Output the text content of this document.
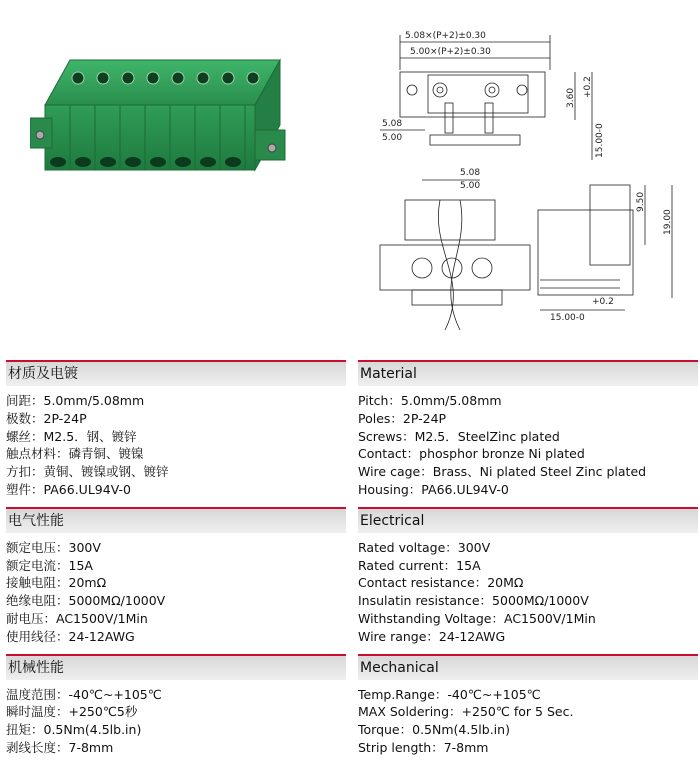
5.08×(P+2)±0.30
5.00×(P+2)±0.30
5.08
5.00
3.60 +0.2
15.00-0
5.08
5.00
9.50
19.00
+0.2
15.00-0
材质及电镀
间距：5.0mm/5.08mm
极数：2P-24P
螺丝：M2.5．钢、镀锌
触点材料：磷青铜、镀镍
方扣：黄铜、镀镍或钢、镀锌
塑件：PA66.UL94V-0
电气性能
额定电压：300V
额定电流：15A
接触电阻：20mΩ
绝缘电阻：5000MΩ/1000V
耐电压：AC1500V/1Min
使用线径：24-12AWG
机械性能
温度范围：-40℃~+105℃
瞬时温度：+250℃5秒
扭矩：0.5Nm(4.5lb.in)
剥线长度：7-8mm
Material
Pitch：5.0mm/5.08mm
Poles：2P-24P
Screws：M2.5．SteelZinc plated
Contact：phosphor bronze Ni plated
Wire cage：Brass、Ni plated Steel Zinc plated
Housing：PA66.UL94V-0
Electrical
Rated voltage：300V
Rated current：15A
Contact resistance：20MΩ
Insulatin resistance：5000MΩ/1000V
Withstanding Voltage：AC1500V/1Min
Wire range：24-12AWG
Mechanical
Temp.Range：-40℃~+105℃
MAX Soldering：+250℃ for 5 Sec.
Torque：0.5Nm(4.5lb.in)
Strip length：7-8mm
